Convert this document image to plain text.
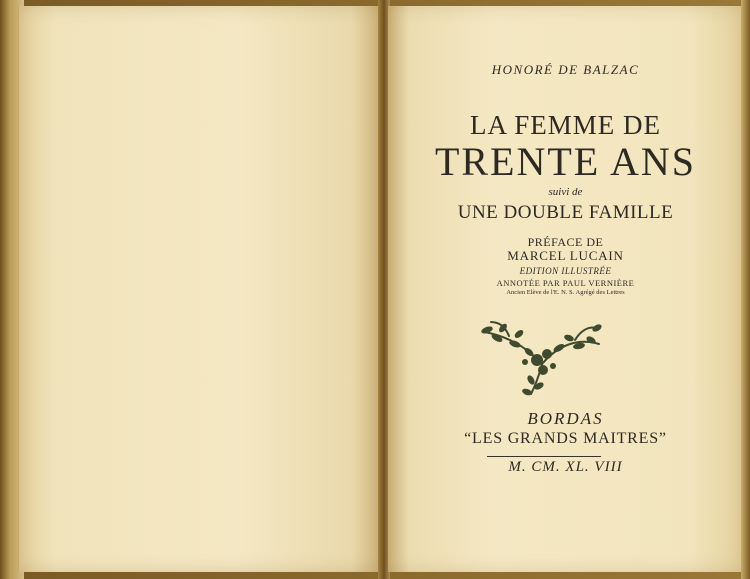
HONORÉ DE BALZAC

LA FEMME DE

TRENTE ANS

suivi de

UNE DOUBLE FAMILLE

PRÉFACE DE

MARCEL LUCAIN

EDITION ILLUSTRÉE

ANNOTÉE PAR PAUL VERNIÈRE

Ancien Elève de l'E. N. S. Agrégé des Lettres

BORDAS

“LES GRANDS MAITRES”

M. CM. XL. VIII
